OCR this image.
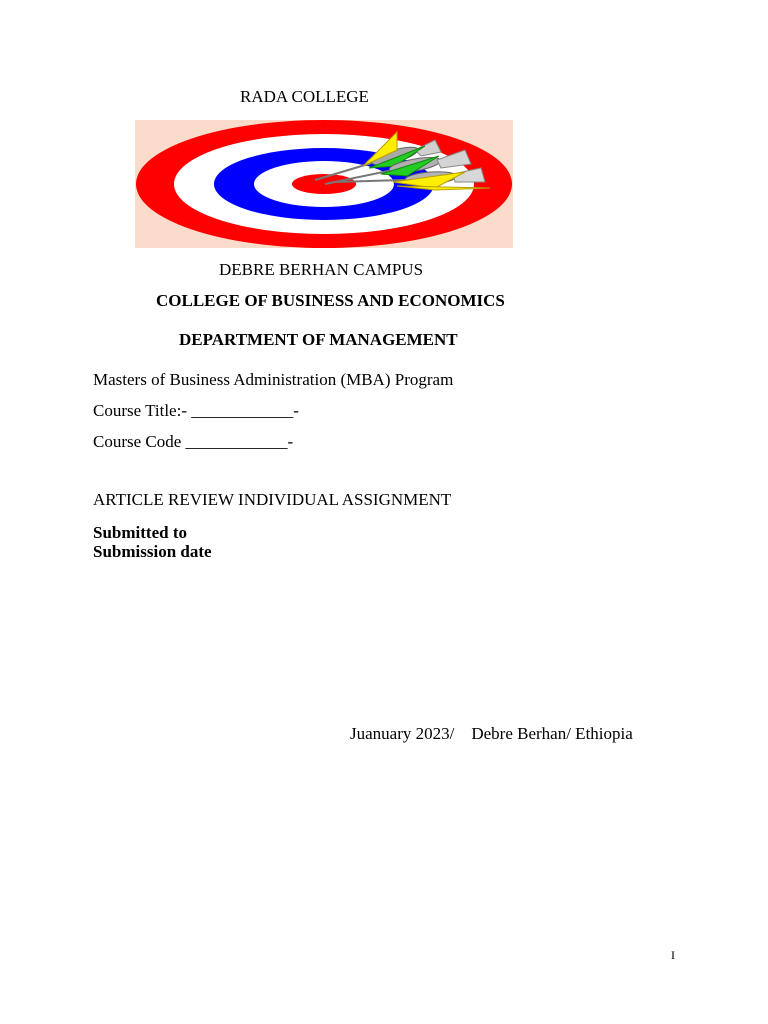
RADA COLLEGE
DEBRE BERHAN CAMPUS
COLLEGE OF BUSINESS AND ECONOMICS
DEPARTMENT OF MANAGEMENT
Masters of Business Administration (MBA) Program
Course Title:- ____________-
Course Code ____________-
ARTICLE REVIEW INDIVIDUAL ASSIGNMENT
Submitted to
Submission date
Juanuary 2023/    Debre Berhan/ Ethiopia
I
